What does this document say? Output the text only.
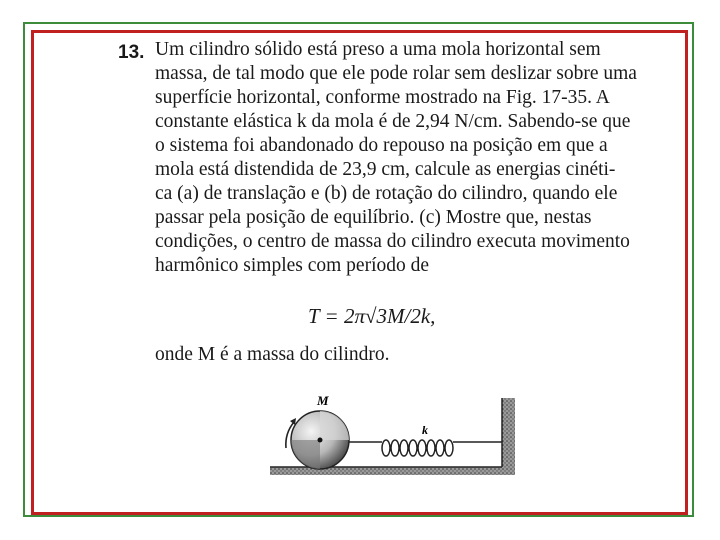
13. Um cilindro sólido está preso a uma mola horizontal sem
massa, de tal modo que ele pode rolar sem deslizar sobre uma
superfície horizontal, conforme mostrado na Fig. 17-35. A
constante elástica k da mola é de 2,94 N/cm. Sabendo-se que
o sistema foi abandonado do repouso na posição em que a
mola está distendida de 23,9 cm, calcule as energias cinéti-
ca (a) de translação e (b) de rotação do cilindro, quando ele
passar pela posição de equilíbrio. (c) Mostre que, nestas
condições, o centro de massa do cilindro executa movimento
harmônico simples com período de
T = 2π√3M/2k,
onde M é a massa do cilindro.
M
k
